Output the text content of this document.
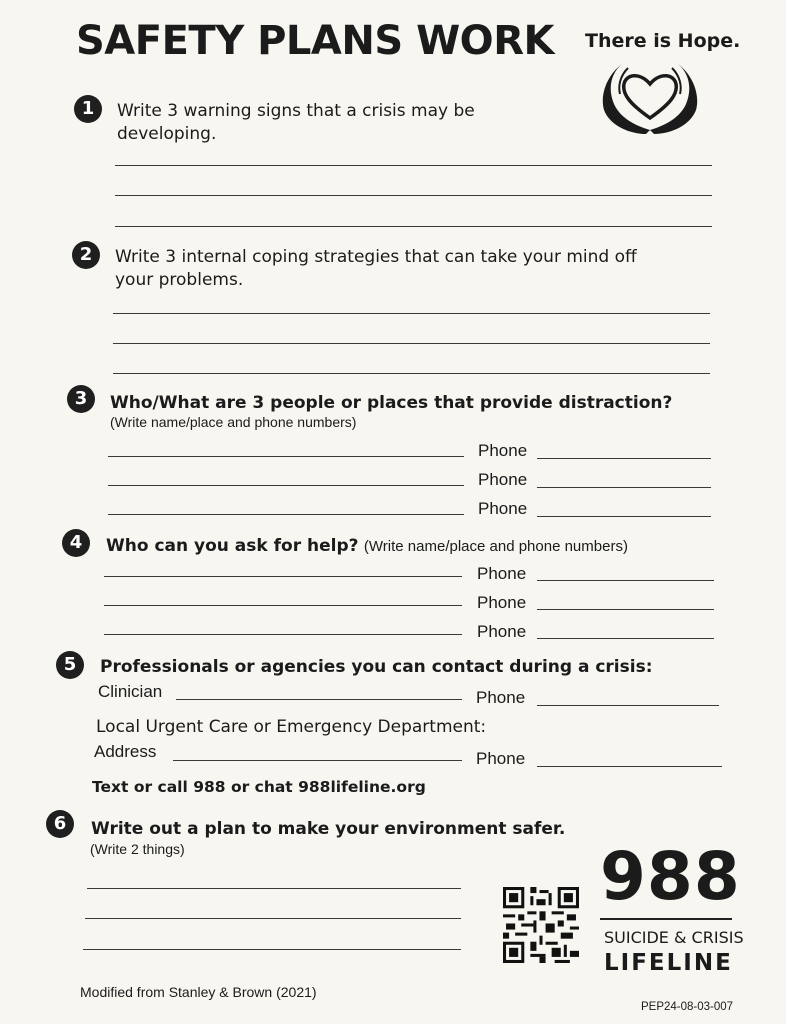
SAFETY PLANS WORK There is Hope.
1	Write 3 warning signs that a crisis may be developing.
2	Write 3 internal coping strategies that can take your mind off your problems.
3	Who/What are 3 people or places that provide distraction?
(Write name/place and phone numbers)
Phone
Phone
Phone
4	Who can you ask for help? (Write name/place and phone numbers)
Phone
Phone
Phone
5	Professionals or agencies you can contact during a crisis:
Clinician	Phone
Local Urgent Care or Emergency Department:
Address	Phone
Text or call 988 or chat 988lifeline.org
6	Write out a plan to make your environment safer.
(Write 2 things)	988
SUICIDE & CRISIS
LIFELINE
Modified from Stanley & Brown (2021)
PEP24-08-03-007
